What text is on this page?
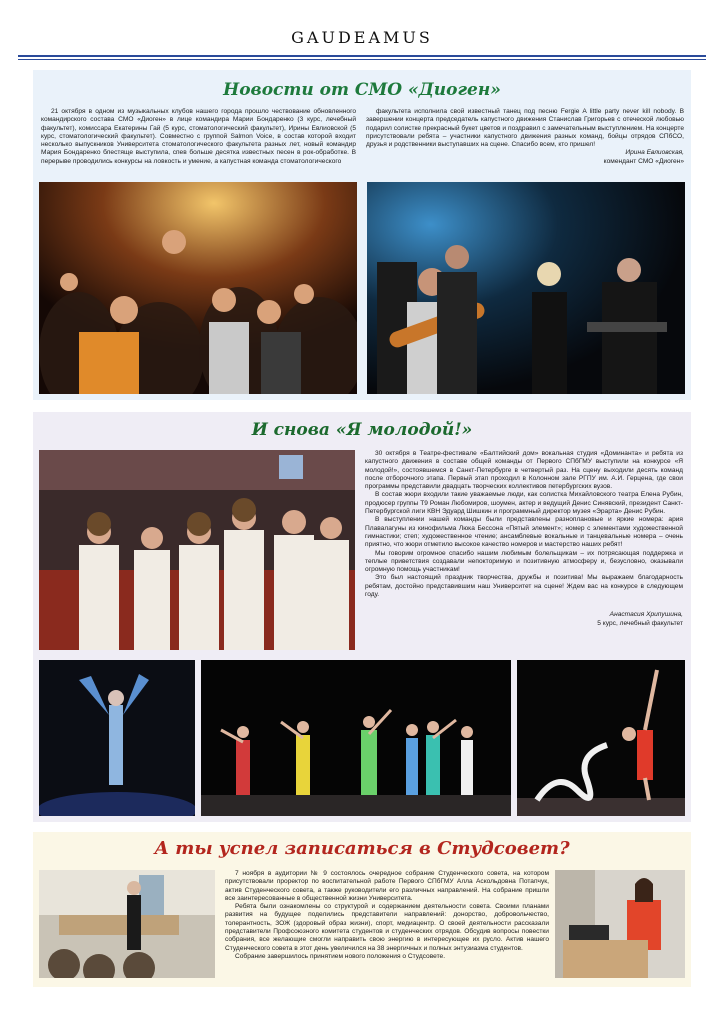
GAUDEAMUS
Новости от СМО «Диоген»

21 октября в одном из музыкальных клубов нашего города прошло чествование обновленного командирского состава СМО «Диоген» в лице командира Марии Бондаренко (3 курс, лечебный факультет), комиссара Екатерины Гай (5 курс, стоматологический факультет), Ирины Евлиовской (5 курс, стоматологический факультет). Совместно с группой Salmon Voice, в состав которой входит несколько выпускников Университета стоматологического факультета разных лет, новый командир Мария Бондаренко блестяще выступила, спев больше десятка известных песен в рок-обработке. В перерыве проводились конкурсы на ловкость и умение, а капустная команда стоматологического

факультета исполнила свой известный танец под песню Fergie A little party never kill nobody. В завершении концерта председатель капустного движения Станислав Григорьев с отеческой любовью подарил солистке прекрасный букет цветов и поздравил с замечательным выступлением. На концерте присутствовали ребята – участники капустного движения разных команд, бойцы отрядов СПбСО, друзья и родственники выступавших на сцене. Спасибо всем, кто пришел!

Ирина Евлиовская,
комендант СМО «Диоген»
И снова «Я молодой!»

30 октября в Театре-фестивале «Балтийский дом» вокальная студия «Доминанта» и ребята из капустного движения в составе общей команды от Первого СПбГМУ выступили на конкурсе «Я молодой!», состоявшемся в Санкт-Петербурге в четвертый раз. На сцену выходили десять команд после отборочного этапа. Первый этап проходил в Колонном зале РГПУ им. А.И. Герцена, где свои программы представили двадцать творческих коллективов петербургских вузов.

В состав жюри входили такие уважаемые люди, как солистка Михайловского театра Елена Рубин, продюсер группы Т9 Роман Любомиров, шоумен, актер и ведущий Денис Синявский, президент Санкт-Петербургской лиги КВН Эдуард Шишкин и программный директор музея «Эрарта» Денис Рубин.

В выступлении нашей команды были представлены разноплановые и яркие номера: ария Плавалагуны из кинофильма Люка Бессона «Пятый элемент»; номер с элементами художественной гимнастики; степ; художественное чтение; ансамблевые вокальные и танцевальные номера – очень приятно, что жюри отметило высокое качество номеров и мастерство наших ребят!

Мы говорим огромное спасибо нашим любимым болельщикам – их потрясающая поддержка и теплые приветствия создавали непокторимую и позитивную атмосферу и, безусловно, оказывали огромную помощь участникам!

Это был настоящий праздник творчества, дружбы и позитива! Мы выражаем благодарность ребятам, достойно представившим наш Университет на сцене! Ждем вас на конкурсе в следующем году.

Анастасия Хрипушина,
5 курс, лечебный факультет
А ты успел записаться в Студсовет?

7 ноября в аудитории № 9 состоялось очередное собрание Студенческого совета, на котором присутствовали проректор по воспитательной работе Первого СПбГМУ Алла Аскольдовна Потапчук, актив Студенческого совета, а также руководители его различных направлений. На собрание пришли все заинтересованные в общественной жизни Университета.

Ребята были ознакомлены со структурой и содержанием деятельности совета. Своими планами развития на будущее поделились представители направлений: донорство, добровольчество, толерантность, ЗОЖ (здоровый образ жизни), спорт, медиацентр. О своей деятельности рассказали представители Профсоюзного комитета студентов и студенческих отрядов. Обсудив вопросы повестки собрания, все желающие смогли направить свою энергию в интересующее их русло. Актив нашего Студенческого совета в этот день увеличился на 38 энергичных и полных энтузиазма студентов.

Собрание завершилось принятием нового положения о Студсовете.
